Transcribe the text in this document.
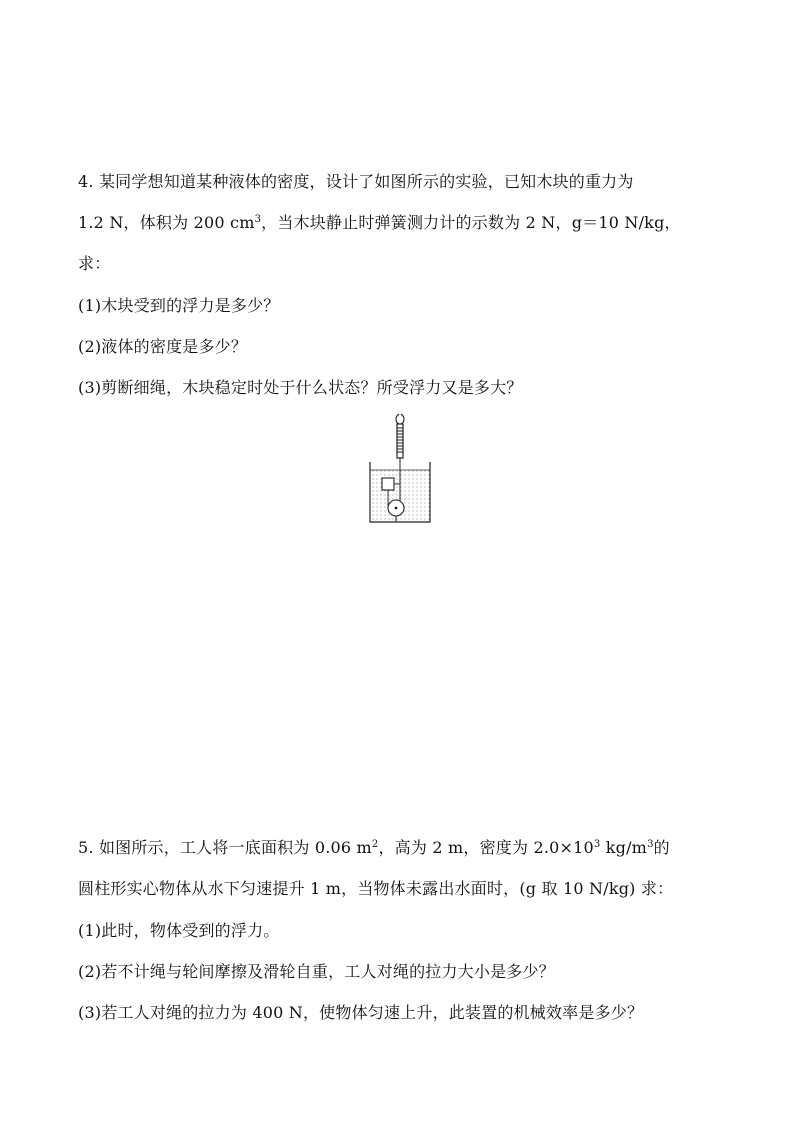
4. 某同学想知道某种液体的密度，设计了如图所示的实验，已知木块的重力为
1.2 N，体积为 200 $cm^3$，当木块静止时弹簧测力计的示数为 2 N，g＝10 N/kg，
求：
(1)木块受到的浮力是多少？
(2)液体的密度是多少？
(3)剪断细绳，木块稳定时处于什么状态？所受浮力又是多大？
5. 如图所示，工人将一底面积为 0.06 $m^2$，高为 2 m，密度为 $2.0\times 10^3$ $kg/m^3$的
圆柱形实心物体从水下匀速提升 1 m，当物体未露出水面时，(g 取 10 N/kg) 求：
(1)此时，物体受到的浮力。
(2)若不计绳与轮间摩擦及滑轮自重，工人对绳的拉力大小是多少？
(3)若工人对绳的拉力为 400 N，使物体匀速上升，此装置的机械效率是多少？
